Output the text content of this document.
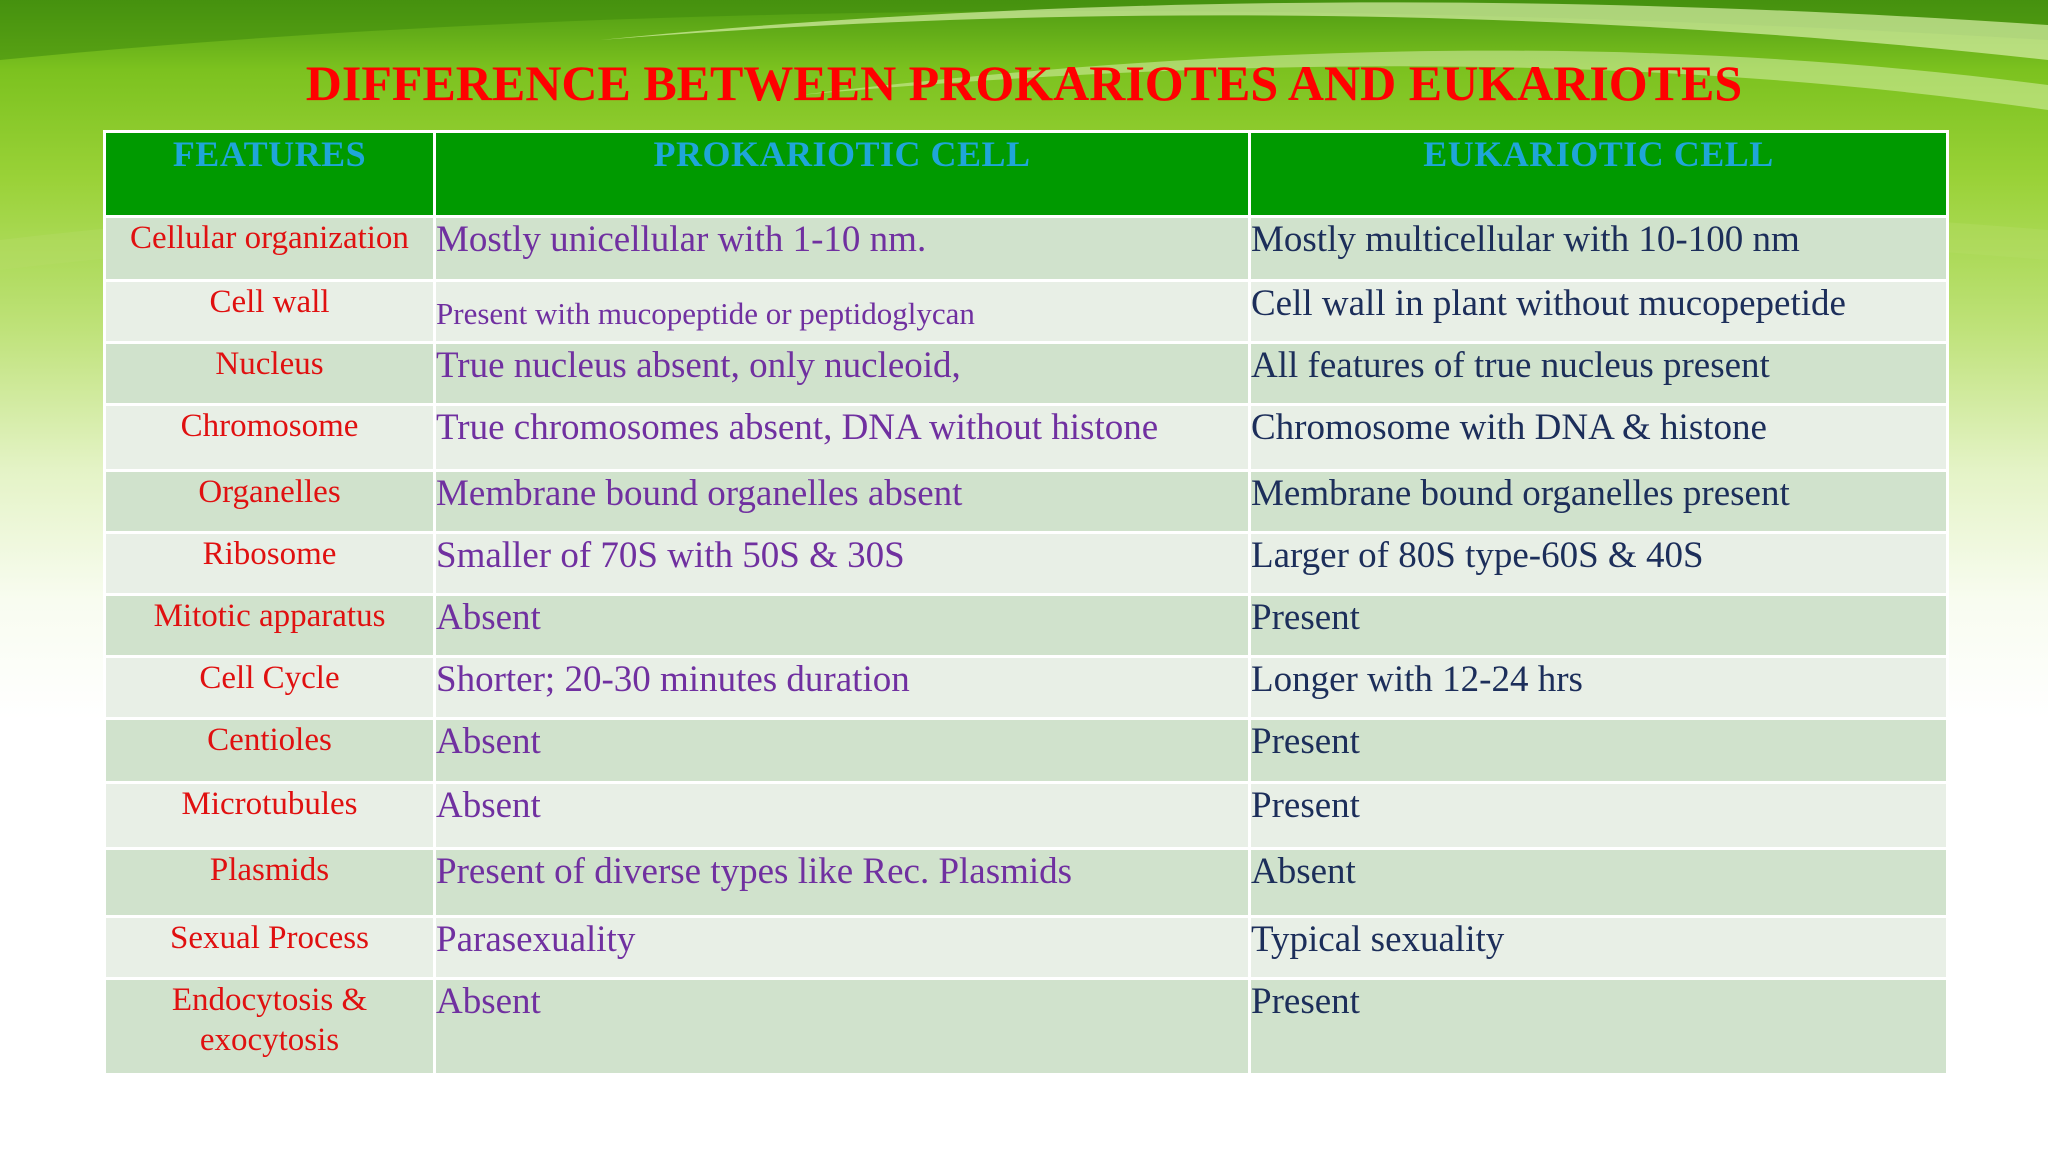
DIFFERENCE BETWEEN PROKARIOTES AND EUKARIOTES
FEATURES	PROKARIOTIC CELL	EUKARIOTIC CELL
Cellular organization	Mostly unicellular with 1-10 nm.	Mostly multicellular with 10-100 nm
Cell wall	Present with mucopeptide or peptidoglycan	Cell wall in plant without mucopepetide
Nucleus	True nucleus absent, only nucleoid,	All features of true nucleus present
Chromosome	True chromosomes absent, DNA without histone	Chromosome with DNA & histone
Organelles	Membrane bound organelles absent	Membrane bound organelles present
Ribosome	Smaller of 70S with 50S & 30S	Larger of 80S type-60S & 40S
Mitotic apparatus	Absent	Present
Cell Cycle	Shorter; 20-30 minutes duration	Longer with 12-24 hrs
Centioles	Absent	Present
Microtubules	Absent	Present
Plasmids	Present of diverse types like Rec. Plasmids	Absent
Sexual Process	Parasexuality	Typical sexuality
Endocytosis & exocytosis	Absent	Present
